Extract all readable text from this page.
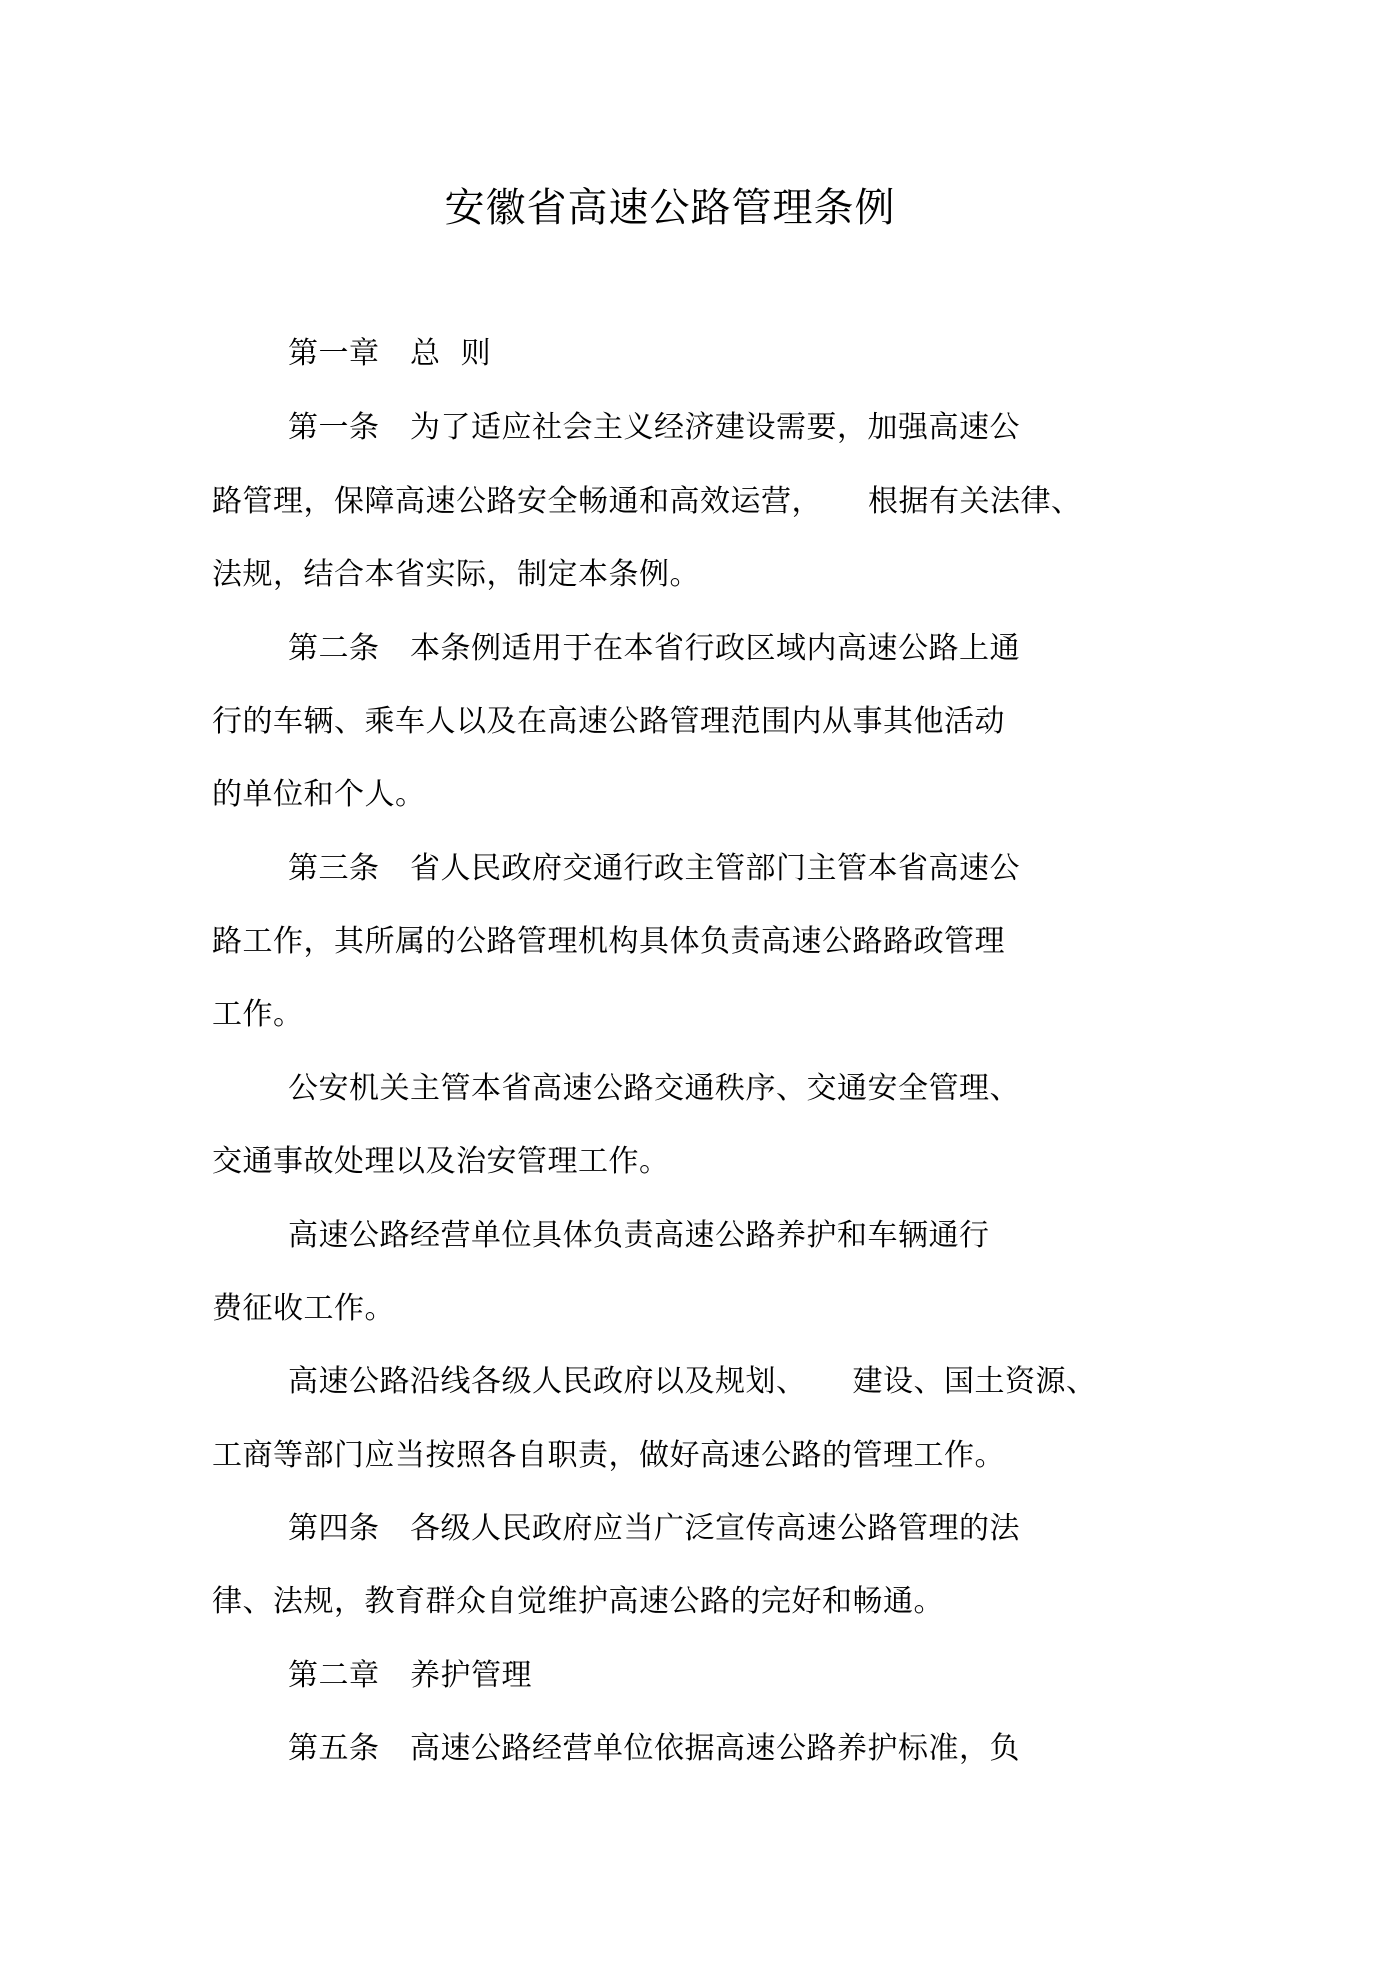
安徽省高速公路管理条例
第一章　总  则
第一条　为了适应社会主义经济建设需要，加强高速公
路管理，保障高速公路安全畅通和高效运营，　　根据有关法律、
法规，结合本省实际，制定本条例。
第二条　本条例适用于在本省行政区域内高速公路上通
行的车辆、乘车人以及在高速公路管理范围内从事其他活动
的单位和个人。
第三条　省人民政府交通行政主管部门主管本省高速公
路工作，其所属的公路管理机构具体负责高速公路路政管理
工作。
公安机关主管本省高速公路交通秩序、交通安全管理、
交通事故处理以及治安管理工作。
高速公路经营单位具体负责高速公路养护和车辆通行
费征收工作。
高速公路沿线各级人民政府以及规划、　　建设、国土资源、
工商等部门应当按照各自职责，做好高速公路的管理工作。
第四条　各级人民政府应当广泛宣传高速公路管理的法
律、法规，教育群众自觉维护高速公路的完好和畅通。
第二章　养护管理
第五条　高速公路经营单位依据高速公路养护标准，负
